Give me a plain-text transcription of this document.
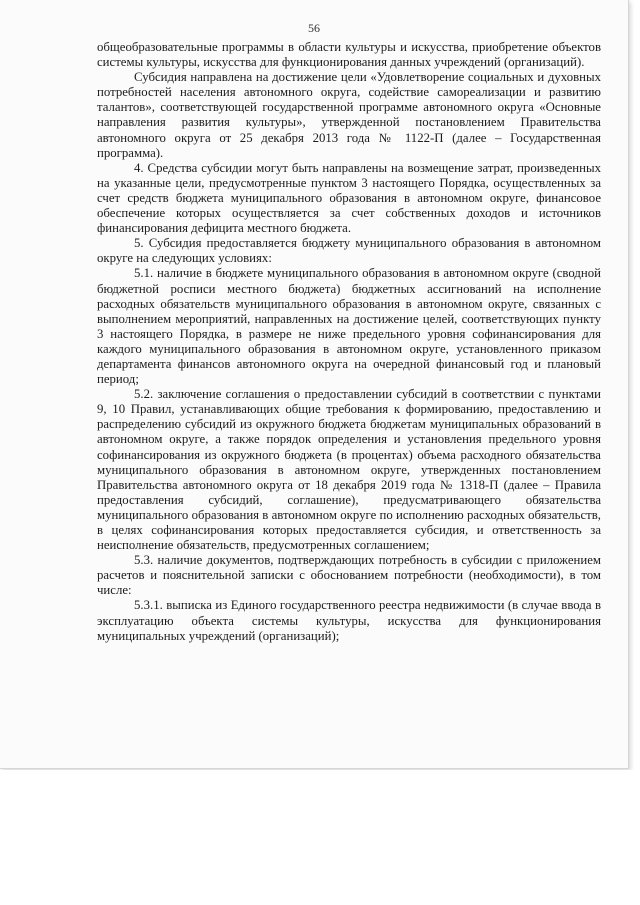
56

общеобразовательные программы в области культуры и искусства, приобретение объектов системы культуры, искусства для функционирования данных учреждений (организаций).

Субсидия направлена на достижение цели «Удовлетворение социальных и духовных потребностей населения автономного округа, содействие самореализации и развитию талантов», соответствующей государственной программе автономного округа «Основные направления развития культуры», утвержденной постановлением Правительства автономного округа от 25 декабря 2013 года № 1122-П (далее – Государственная программа).

4. Средства субсидии могут быть направлены на возмещение затрат, произведенных на указанные цели, предусмотренные пунктом 3 настоящего Порядка, осуществленных за счет средств бюджета муниципального образования в автономном округе, финансовое обеспечение которых осуществляется за счет собственных доходов и источников финансирования дефицита местного бюджета.

5. Субсидия предоставляется бюджету муниципального образования в автономном округе на следующих условиях:

5.1. наличие в бюджете муниципального образования в автономном округе (сводной бюджетной росписи местного бюджета) бюджетных ассигнований на исполнение расходных обязательств муниципального образования в автономном округе, связанных с выполнением мероприятий, направленных на достижение целей, соответствующих пункту 3 настоящего Порядка, в размере не ниже предельного уровня софинансирования для каждого муниципального образования в автономном округе, установленного приказом департамента финансов автономного округа на очередной финансовый год и плановый период;

5.2. заключение соглашения о предоставлении субсидий в соответствии с пунктами 9, 10 Правил, устанавливающих общие требования к формированию, предоставлению и распределению субсидий из окружного бюджета бюджетам муниципальных образований в автономном округе, а также порядок определения и установления предельного уровня софинансирования из окружного бюджета (в процентах) объема расходного обязательства муниципального образования в автономном округе, утвержденных постановлением Правительства автономного округа от 18 декабря 2019 года № 1318-П (далее – Правила предоставления субсидий, соглашение), предусматривающего обязательства муниципального образования в автономном округе по исполнению расходных обязательств, в целях софинансирования которых предоставляется субсидия, и ответственность за неисполнение обязательств, предусмотренных соглашением;

5.3. наличие документов, подтверждающих потребность в субсидии с приложением расчетов и пояснительной записки с обоснованием потребности (необходимости), в том числе:

5.3.1. выписка из Единого государственного реестра недвижимости (в случае ввода в эксплуатацию объекта системы культуры, искусства для функционирования муниципальных учреждений (организаций);
